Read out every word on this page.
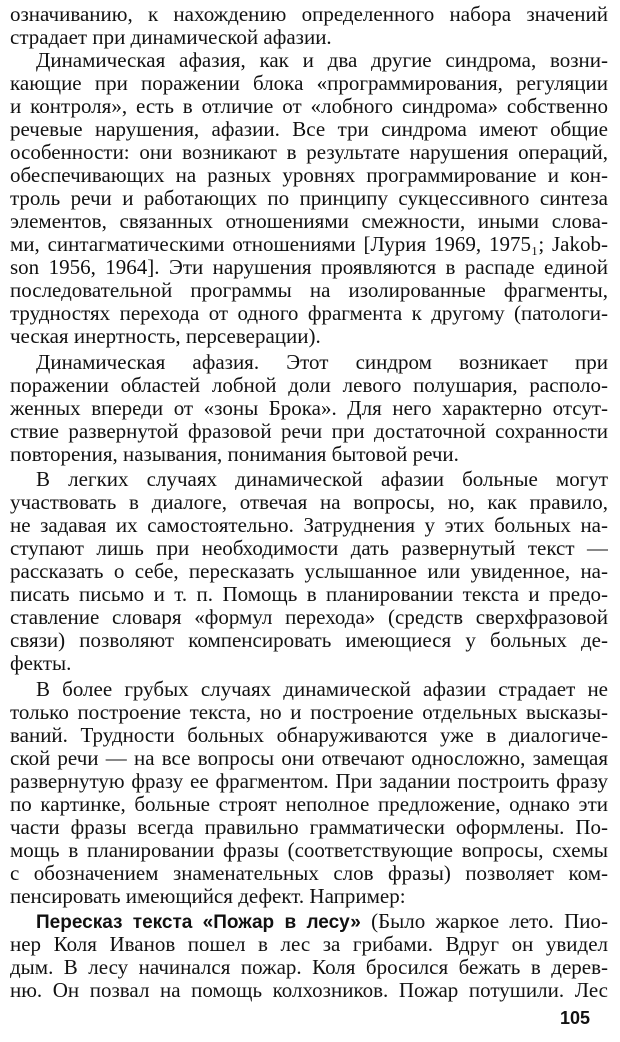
означиванию, к нахождению определенного набора значений
страдает при динамической афазии.
Динамическая афазия, как и два другие синдрома, возни-
кающие при поражении блока «программирования, регуляции
и контроля», есть в отличие от «лобного синдрома» собственно
речевые нарушения, афазии. Все три синдрома имеют общие
особенности: они возникают в результате нарушения операций,
обеспечивающих на разных уровнях программирование и кон-
троль речи и работающих по принципу сукцессивного синтеза
элементов, связанных отношениями смежности, иными слова-
ми, синтагматическими отношениями [Лурия 1969, 1975₁; Jakob-
son 1956, 1964]. Эти нарушения проявляются в распаде единой
последовательной программы на изолированные фрагменты,
трудностях перехода от одного фрагмента к другому (патологи-
ческая инертность, персеверации).
Динамическая афазия. Этот синдром возникает при
поражении областей лобной доли левого полушария, располо-
женных впереди от «зоны Брока». Для него характерно отсут-
ствие развернутой фразовой речи при достаточной сохранности
повторения, называния, понимания бытовой речи.
В легких случаях динамической афазии больные могут
участвовать в диалоге, отвечая на вопросы, но, как правило,
не задавая их самостоятельно. Затруднения у этих больных на-
ступают лишь при необходимости дать развернутый текст —
рассказать о себе, пересказать услышанное или увиденное, на-
писать письмо и т. п. Помощь в планировании текста и предо-
ставление словаря «формул перехода» (средств сверхфразовой
связи) позволяют компенсировать имеющиеся у больных де-
фекты.
В более грубых случаях динамической афазии страдает не
только построение текста, но и построение отдельных высказы-
ваний. Трудности больных обнаруживаются уже в диалогиче-
ской речи — на все вопросы они отвечают односложно, замещая
развернутую фразу ее фрагментом. При задании построить фразу
по картинке, больные строят неполное предложение, однако эти
части фразы всегда правильно грамматически оформлены. По-
мощь в планировании фразы (соответствующие вопросы, схемы
с обозначением знаменательных слов фразы) позволяет ком-
пенсировать имеющийся дефект. Например:
Пересказ текста «Пожар в лесу» (Было жаркое лето. Пио-
нер Коля Иванов пошел в лес за грибами. Вдруг он увидел
дым. В лесу начинался пожар. Коля бросился бежать в дерев-
ню. Он позвал на помощь колхозников. Пожар потушили. Лес
105
